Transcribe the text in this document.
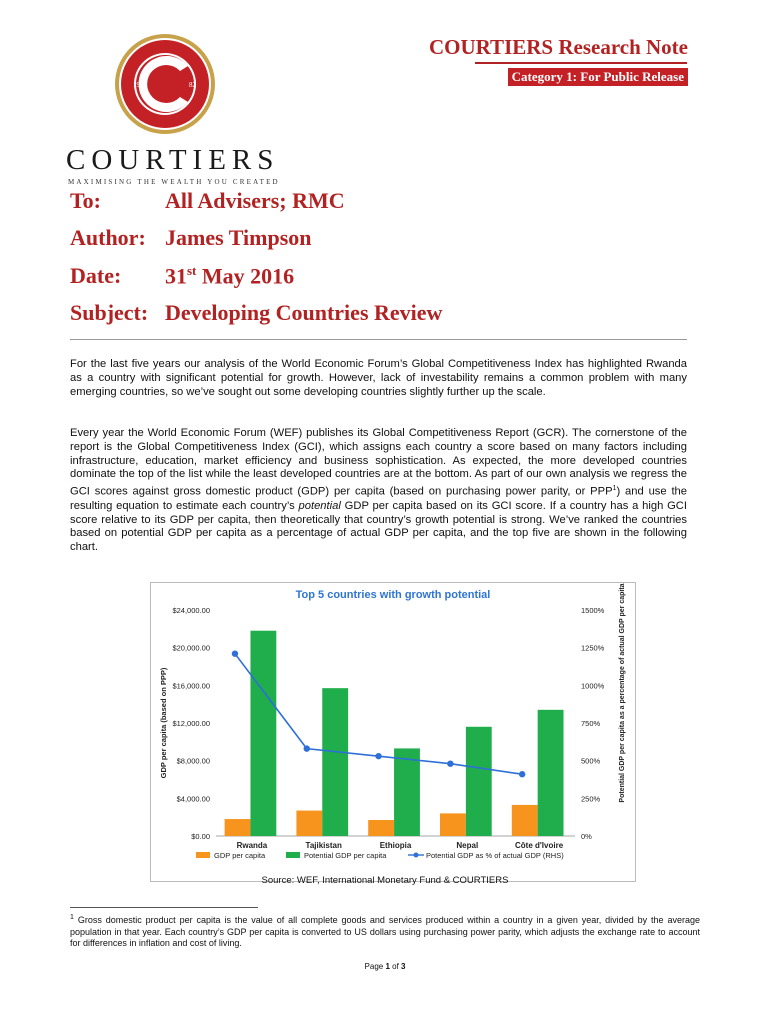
19	82
COURTIERS
MAXIMISING THE WEALTH YOU CREATED
COURTIERS Research Note
Category 1: For Public Release
To:	All Advisers; RMC
Author: James Timpson
Date: 31st May 2016
Subject: Developing Countries Review
For the last five years our analysis of the World Economic Forum’s Global Competitiveness Index has highlighted Rwanda as a country with significant potential for growth. However, lack of investability remains a common problem with many emerging countries, so we’ve sought out some developing countries slightly further up the scale.
Every year the World Economic Forum (WEF) publishes its Global Competitiveness Report (GCR). The cornerstone of the report is the Global Competitiveness Index (GCI), which assigns each country a score based on many factors including infrastructure, education, market efficiency and business sophistication. As expected, the more developed countries dominate the top of the list while the least developed countries are at the bottom. As part of our own analysis we regress the GCI scores against gross domestic product (GDP) per capita (based on purchasing power parity, or PPP$^1$) and use the resulting equation to estimate each country’s potential GDP per capita based on its GCI score. If a country has a high GCI score relative to its GDP per capita, then theoretically that country’s growth potential is strong. We’ve ranked the countries based on potential GDP per capita as a percentage of actual GDP per capita, and the top five are shown in the following chart.
Top 5 countries with growth potential
$0.00
$4,000.00
$8,000.00
$12,000.00
$16,000.00
$20,000.00
$24,000.00
0%
250%
500%
750%
1000%
1250%
1500%
GDP per capita (based on PPP)	Potential GDP per capita as a percentage of actual GDP per capita
Rwanda	Tajikistan	Ethiopia	Nepal	Côte d'Ivoire
GDP per capita	Potential GDP per capita	Potential GDP as % of actual GDP (RHS)
Source: WEF, International Monetary Fund & COURTIERS
$^1$ Gross domestic product per capita is the value of all complete goods and services produced within a country in a given year, divided by the average population in that year. Each country’s GDP per capita is converted to US dollars using purchasing power parity, which adjusts the exchange rate to account for differences in inflation and cost of living.
Page 1 of 3
